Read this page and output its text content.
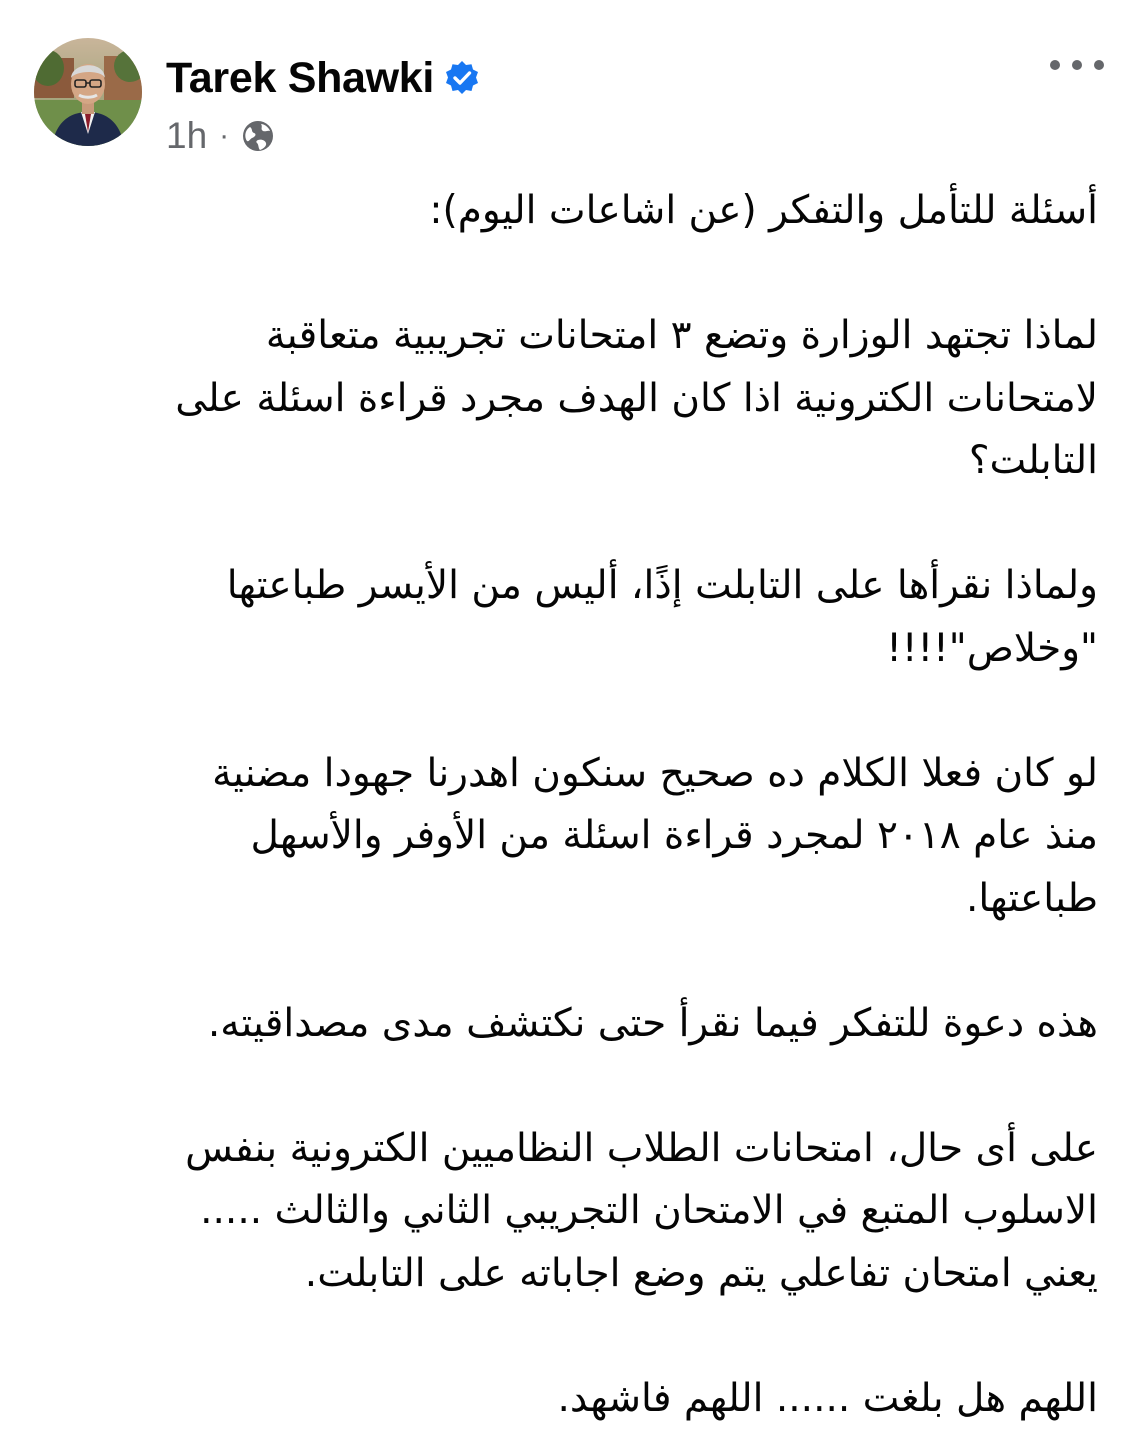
Tarek Shawki
1h ·

أسئلة للتأمل والتفكر (عن اشاعات اليوم):

لماذا تجتهد الوزارة وتضع ٣ امتحانات تجريبية متعاقبة
لامتحانات الكترونية اذا كان الهدف مجرد قراءة اسئلة على
التابلت؟

ولماذا نقرأها على التابلت إذًا، أليس من الأيسر طباعتها
"وخلاص"!!!!

لو كان فعلا الكلام ده صحيح سنكون اهدرنا جهودا مضنية
منذ عام ٢٠١٨ لمجرد قراءة اسئلة من الأوفر والأسهل
طباعتها.

هذه دعوة للتفكر فيما نقرأ حتى نكتشف مدى مصداقيته.

على أى حال، امتحانات الطلاب النظاميين الكترونية بنفس
الاسلوب المتبع في الامتحان التجريبي الثاني والثالث .....
يعني امتحان تفاعلي يتم وضع اجاباته على التابلت.

اللهم هل بلغت ...... اللهم فاشهد.
